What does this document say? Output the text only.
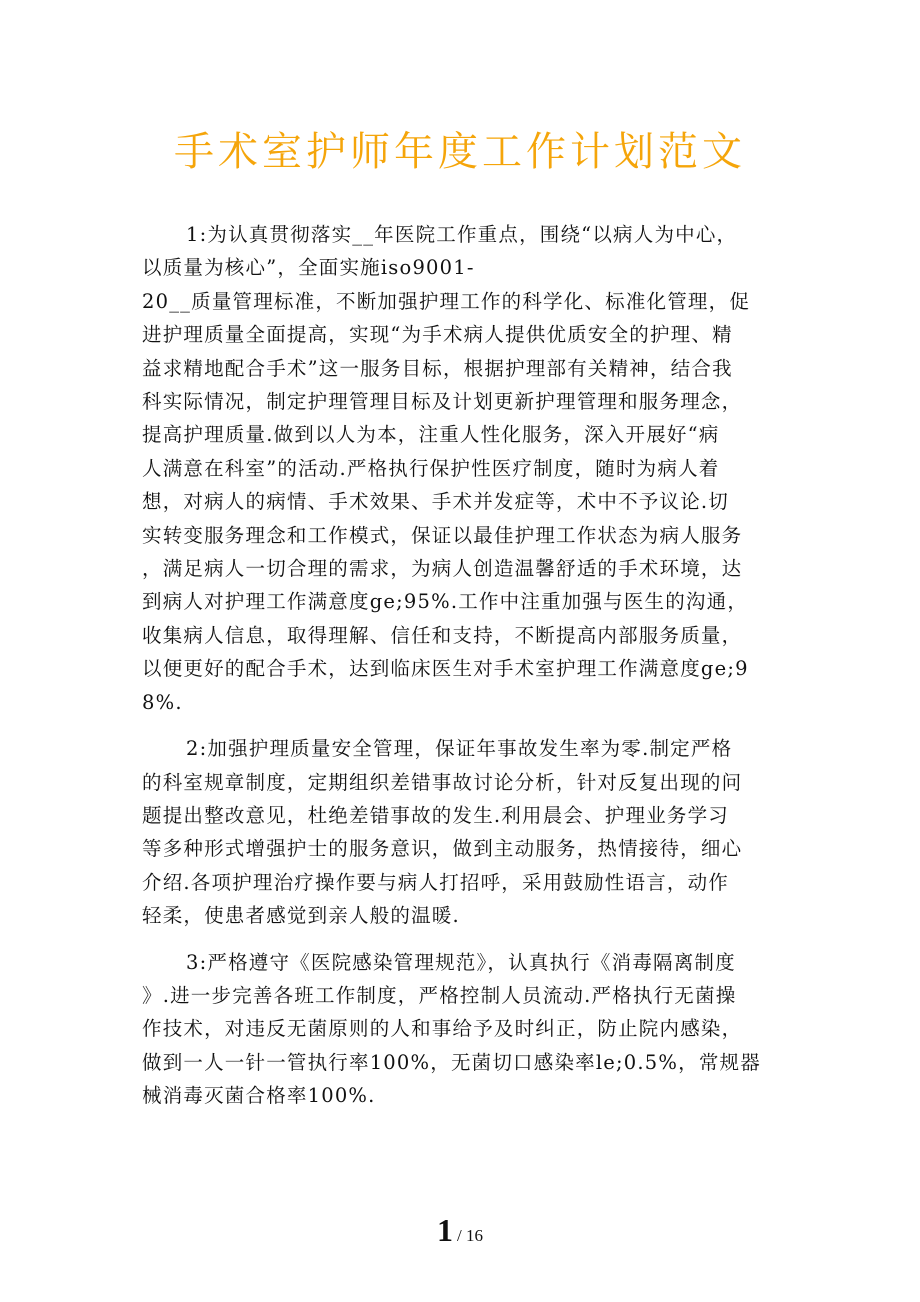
手术室护师年度工作计划范文
1:为认真贯彻落实__年医院工作重点，围绕“以病人为中心，
以质量为核心”，全面实施iso9001-
20__质量管理标准，不断加强护理工作的科学化、标准化管理，促
进护理质量全面提高，实现“为手术病人提供优质安全的护理、精
益求精地配合手术”这一服务目标，根据护理部有关精神，结合我
科实际情况，制定护理管理目标及计划更新护理管理和服务理念，
提高护理质量.做到以人为本，注重人性化服务，深入开展好“病
人满意在科室”的活动.严格执行保护性医疗制度，随时为病人着
想，对病人的病情、手术效果、手术并发症等，术中不予议论.切
实转变服务理念和工作模式，保证以最佳护理工作状态为病人服务
，满足病人一切合理的需求，为病人创造温馨舒适的手术环境，达
到病人对护理工作满意度ge;95%.工作中注重加强与医生的沟通，
收集病人信息，取得理解、信任和支持，不断提高内部服务质量，
以便更好的配合手术，达到临床医生对手术室护理工作满意度ge;9
8%.
2:加强护理质量安全管理，保证年事故发生率为零.制定严格
的科室规章制度，定期组织差错事故讨论分析，针对反复出现的问
题提出整改意见，杜绝差错事故的发生.利用晨会、护理业务学习
等多种形式增强护士的服务意识，做到主动服务，热情接待，细心
介绍.各项护理治疗操作要与病人打招呼，采用鼓励性语言，动作
轻柔，使患者感觉到亲人般的温暖.
3:严格遵守《医院感染管理规范》，认真执行《消毒隔离制度
》.进一步完善各班工作制度，严格控制人员流动.严格执行无菌操
作技术，对违反无菌原则的人和事给予及时纠正，防止院内感染，
做到一人一针一管执行率100%，无菌切口感染率le;0.5%，常规器
械消毒灭菌合格率100%.
1 / 16
